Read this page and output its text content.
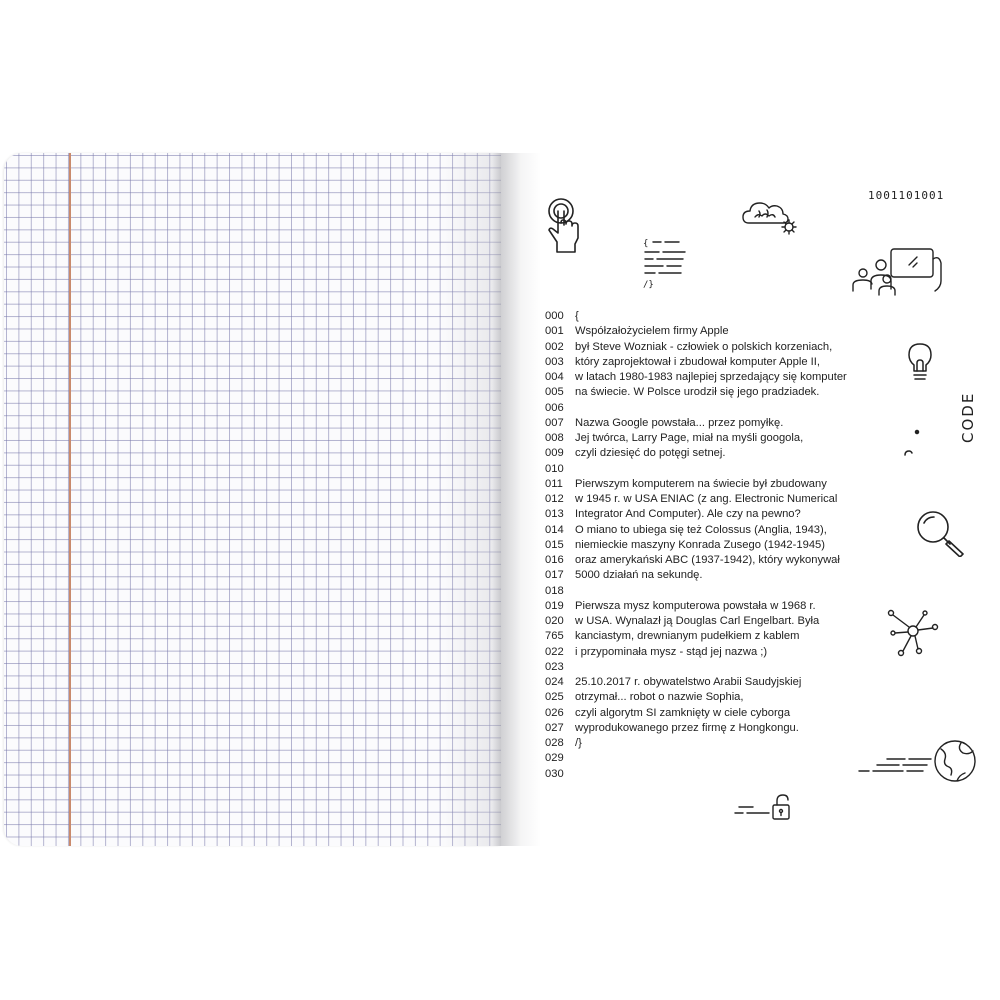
1001101001
CODE
{
/}
000	{
001	Współzałożycielem firmy Apple
002	był Steve Wozniak - człowiek o polskich korzeniach,
003	który zaprojektował i zbudował komputer Apple II,
004	w latach 1980-1983 najlepiej sprzedający się komputer
005	na świecie. W Polsce urodził się jego pradziadek.
006
007	Nazwa Google powstała... przez pomyłkę.
008	Jej twórca, Larry Page, miał na myśli googola,
009	czyli dziesięć do potęgi setnej.
010
011	Pierwszym komputerem na świecie był zbudowany
012	w 1945 r. w USA ENIAC (z ang. Electronic Numerical
013	Integrator And Computer). Ale czy na pewno?
014	O miano to ubiega się też Colossus (Anglia, 1943),
015	niemieckie maszyny Konrada Zusego (1942-1945)
016	oraz amerykański ABC (1937-1942), który wykonywał
017	5000 działań na sekundę.
018
019	Pierwsza mysz komputerowa powstała w 1968 r.
020	w USA. Wynalazł ją Douglas Carl Engelbart. Była
765	kanciastym, drewnianym pudełkiem z kablem
022	i przypominała mysz - stąd jej nazwa ;)
023
024	25.10.2017 r. obywatelstwo Arabii Saudyjskiej
025	otrzymał... robot o nazwie Sophia,
026	czyli algorytm SI zamknięty w ciele cyborga
027	wyprodukowanego przez firmę z Hongkongu.
028	/}
029
030
